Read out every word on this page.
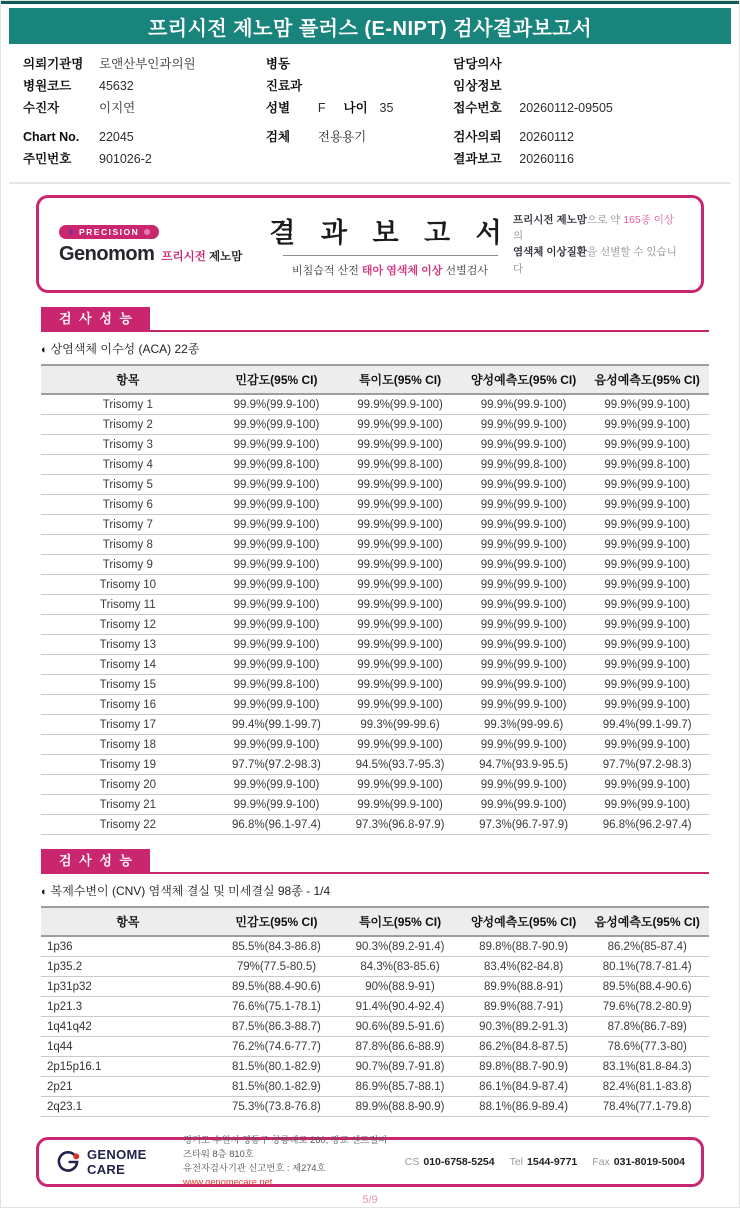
프리시전 제노맘 플러스 (E-NIPT) 검사결과보고서
의뢰기관명	로앤산부인과의원
병원코드	45632
수진자	이지연
Chart No.	22045
주민번호	901026-2
병동
진료과
성별	F 나이 35
검체	전용용기
담당의사
임상정보
접수번호	20260112-09505
검사의뢰	20260112
결과보고	20260116
PRECISION
Genomom 프리시전 제노맘
결 과 보 고 서
비침습적 산전 태아 염색체 이상 선별검사
프리시전 제노맘으로 약 165종 이상의
염색체 이상질환을 선별할 수 있습니다
검 사 성 능
◐ 상염색체 이수성 (ACA) 22종
항목	민감도(95% CI)	특이도(95% CI)	양성예측도(95% CI)	음성예측도(95% CI)
Trisomy 1	99.9%(99.9-100)	99.9%(99.9-100)	99.9%(99.9-100)	99.9%(99.9-100)
Trisomy 2	99.9%(99.9-100)	99.9%(99.9-100)	99.9%(99.9-100)	99.9%(99.9-100)
Trisomy 3	99.9%(99.9-100)	99.9%(99.9-100)	99.9%(99.9-100)	99.9%(99.9-100)
Trisomy 4	99.9%(99.8-100)	99.9%(99.8-100)	99.9%(99.8-100)	99.9%(99.8-100)
Trisomy 5	99.9%(99.9-100)	99.9%(99.9-100)	99.9%(99.9-100)	99.9%(99.9-100)
Trisomy 6	99.9%(99.9-100)	99.9%(99.9-100)	99.9%(99.9-100)	99.9%(99.9-100)
Trisomy 7	99.9%(99.9-100)	99.9%(99.9-100)	99.9%(99.9-100)	99.9%(99.9-100)
Trisomy 8	99.9%(99.9-100)	99.9%(99.9-100)	99.9%(99.9-100)	99.9%(99.9-100)
Trisomy 9	99.9%(99.9-100)	99.9%(99.9-100)	99.9%(99.9-100)	99.9%(99.9-100)
Trisomy 10	99.9%(99.9-100)	99.9%(99.9-100)	99.9%(99.9-100)	99.9%(99.9-100)
Trisomy 11	99.9%(99.9-100)	99.9%(99.9-100)	99.9%(99.9-100)	99.9%(99.9-100)
Trisomy 12	99.9%(99.9-100)	99.9%(99.9-100)	99.9%(99.9-100)	99.9%(99.9-100)
Trisomy 13	99.9%(99.9-100)	99.9%(99.9-100)	99.9%(99.9-100)	99.9%(99.9-100)
Trisomy 14	99.9%(99.9-100)	99.9%(99.9-100)	99.9%(99.9-100)	99.9%(99.9-100)
Trisomy 15	99.9%(99.8-100)	99.9%(99.9-100)	99.9%(99.9-100)	99.9%(99.9-100)
Trisomy 16	99.9%(99.9-100)	99.9%(99.9-100)	99.9%(99.9-100)	99.9%(99.9-100)
Trisomy 17	99.4%(99.1-99.7)	99.3%(99-99.6)	99.3%(99-99.6)	99.4%(99.1-99.7)
Trisomy 18	99.9%(99.9-100)	99.9%(99.9-100)	99.9%(99.9-100)	99.9%(99.9-100)
Trisomy 19	97.7%(97.2-98.3)	94.5%(93.7-95.3)	94.7%(93.9-95.5)	97.7%(97.2-98.3)
Trisomy 20	99.9%(99.9-100)	99.9%(99.9-100)	99.9%(99.9-100)	99.9%(99.9-100)
Trisomy 21	99.9%(99.9-100)	99.9%(99.9-100)	99.9%(99.9-100)	99.9%(99.9-100)
Trisomy 22	96.8%(96.1-97.4)	97.3%(96.8-97.9)	97.3%(96.7-97.9)	96.8%(96.2-97.4)
검 사 성 능
◐ 복제수변이 (CNV) 염색체 결실 및 미세결실 98종 - 1/4
항목	민감도(95% CI)	특이도(95% CI)	양성예측도(95% CI)	음성예측도(95% CI)
1p36	85.5%(84.3-86.8)	90.3%(89.2-91.4)	89.8%(88.7-90.9)	86.2%(85-87.4)
1p35.2	79%(77.5-80.5)	84.3%(83-85.6)	83.4%(82-84.8)	80.1%(78.7-81.4)
1p31p32	89.5%(88.4-90.6)	90%(88.9-91)	89.9%(88.8-91)	89.5%(88.4-90.6)
1p21.3	76.6%(75.1-78.1)	91.4%(90.4-92.4)	89.9%(88.7-91)	79.6%(78.2-80.9)
1q41q42	87.5%(86.3-88.7)	90.6%(89.5-91.6)	90.3%(89.2-91.3)	87.8%(86.7-89)
1q44	76.2%(74.6-77.7)	87.8%(86.6-88.9)	86.2%(84.8-87.5)	78.6%(77.3-80)
2p15p16.1	81.5%(80.1-82.9)	90.7%(89.7-91.8)	89.8%(88.7-90.9)	83.1%(81.8-84.3)
2p21	81.5%(80.1-82.9)	86.9%(85.7-88.1)	86.1%(84.9-87.4)	82.4%(81.1-83.8)
2q23.1	75.3%(73.8-76.8)	89.9%(88.8-90.9)	88.1%(86.9-89.4)	78.4%(77.1-79.8)
GENOME CARE
경기도 수원시 영통구 창룡대로 260, 광교 센트럴비즈타워 8층 810호
유전자검사기관 신고번호 : 제274호
www.genomecare.net
CS 010-6758-5254 Tel 1544-9771 Fax 031-8019-5004
5/9
